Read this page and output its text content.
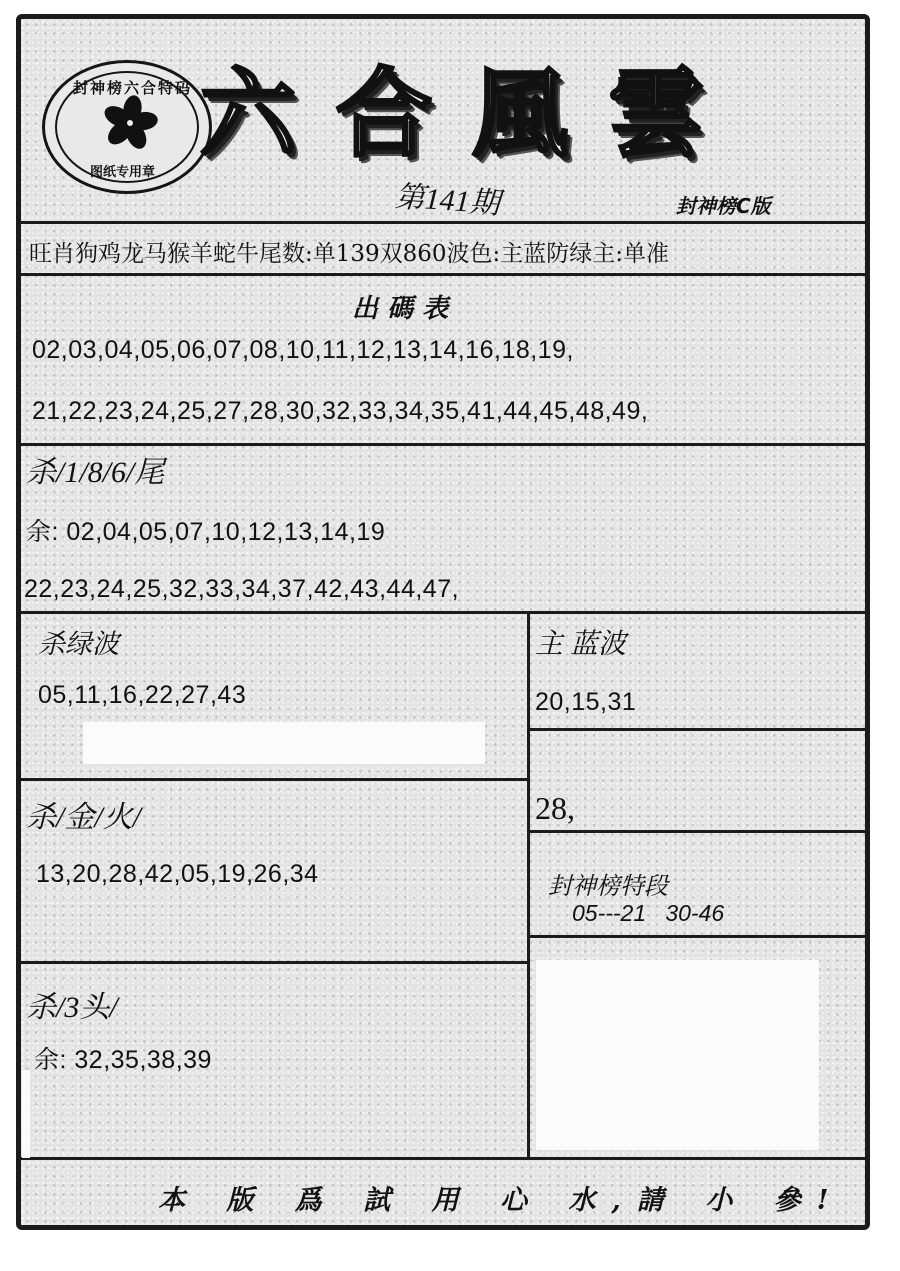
封神榜六合特码
图纸专用章
六合風雲
第141期	封神榜C版
旺肖狗鸡龙马猴羊蛇牛尾数:单139双860波色:主蓝防绿主:单准
出 碼 表
02,03,04,05,06,07,08,10,11,12,13,14,16,18,19,
21,22,23,24,25,27,28,30,32,33,34,35,41,44,45,48,49,
杀/1/8/6/尾
余: 02,04,05,07,10,12,13,14,19
22,23,24,25,32,33,34,37,42,43,44,47,
杀绿波
05,11,16,22,27,43
主 蓝波
20,15,31
28,
杀/金/火/
13,20,28,42,05,19,26,34	封神榜特段
05---21   30-46
杀/3头/
余: 32,35,38,39
本 版 爲 試 用 心 水,請 小 參!
